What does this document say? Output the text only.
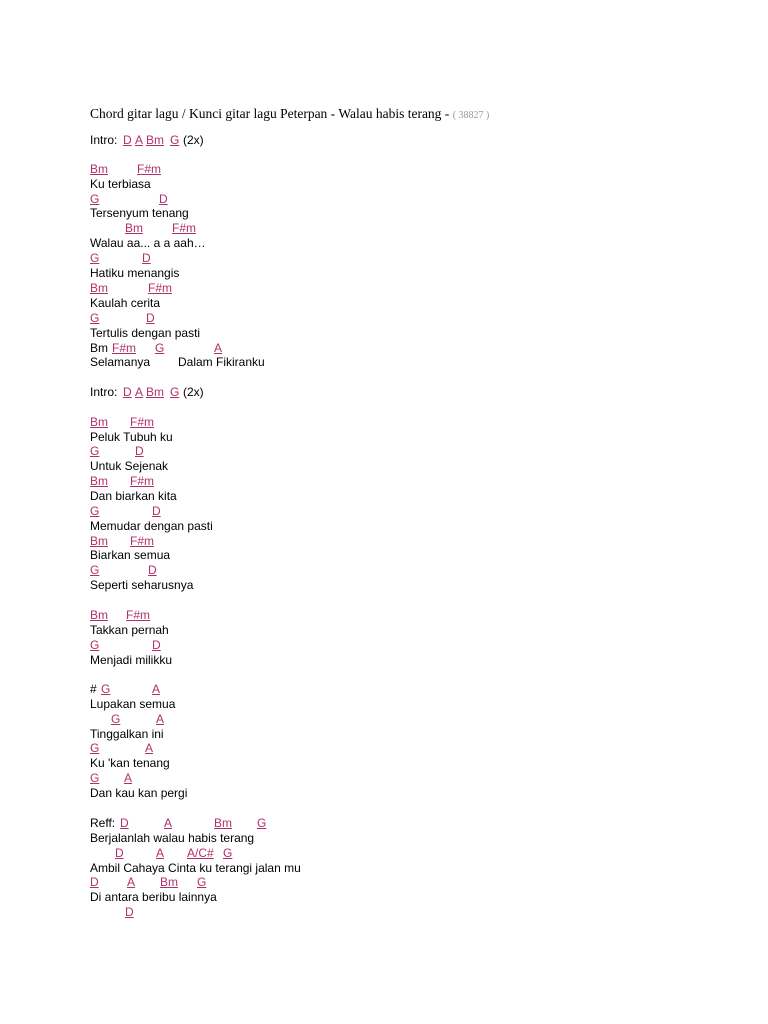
Chord gitar lagu / Kunci gitar lagu Peterpan - Walau habis terang - ( 38827 )
Intro: D A Bm G (2x)
Bm F#m
Ku terbiasa
G	D
Tersenyum tenang
Bm F#m
Walau aa... a a aah…
G	D
Hatiku menangis
Bm	F#m
Kaulah cerita
G	D
Tertulis dengan pasti
Bm F#m G	A
Selamanya Dalam Fikiranku
Intro: D A Bm G (2x)
Bm F#m
Peluk Tubuh ku
G	D
Untuk Sejenak
Bm F#m
Dan biarkan kita
G	D
Memudar dengan pasti
Bm F#m
Biarkan semua
G	D
Seperti seharusnya
Bm F#m
Takkan pernah
G	D
Menjadi milikku
# G	A
Lupakan semua
G	A
Tinggalkan ini
G	A
Ku 'kan tenang
G A
Dan kau kan pergi
Reff: D	A	Bm G
Berjalanlah walau habis terang
D	A A/C# G
Ambil Cahaya Cinta ku terangi jalan mu
D A Bm G
Di antara beribu lainnya
D
